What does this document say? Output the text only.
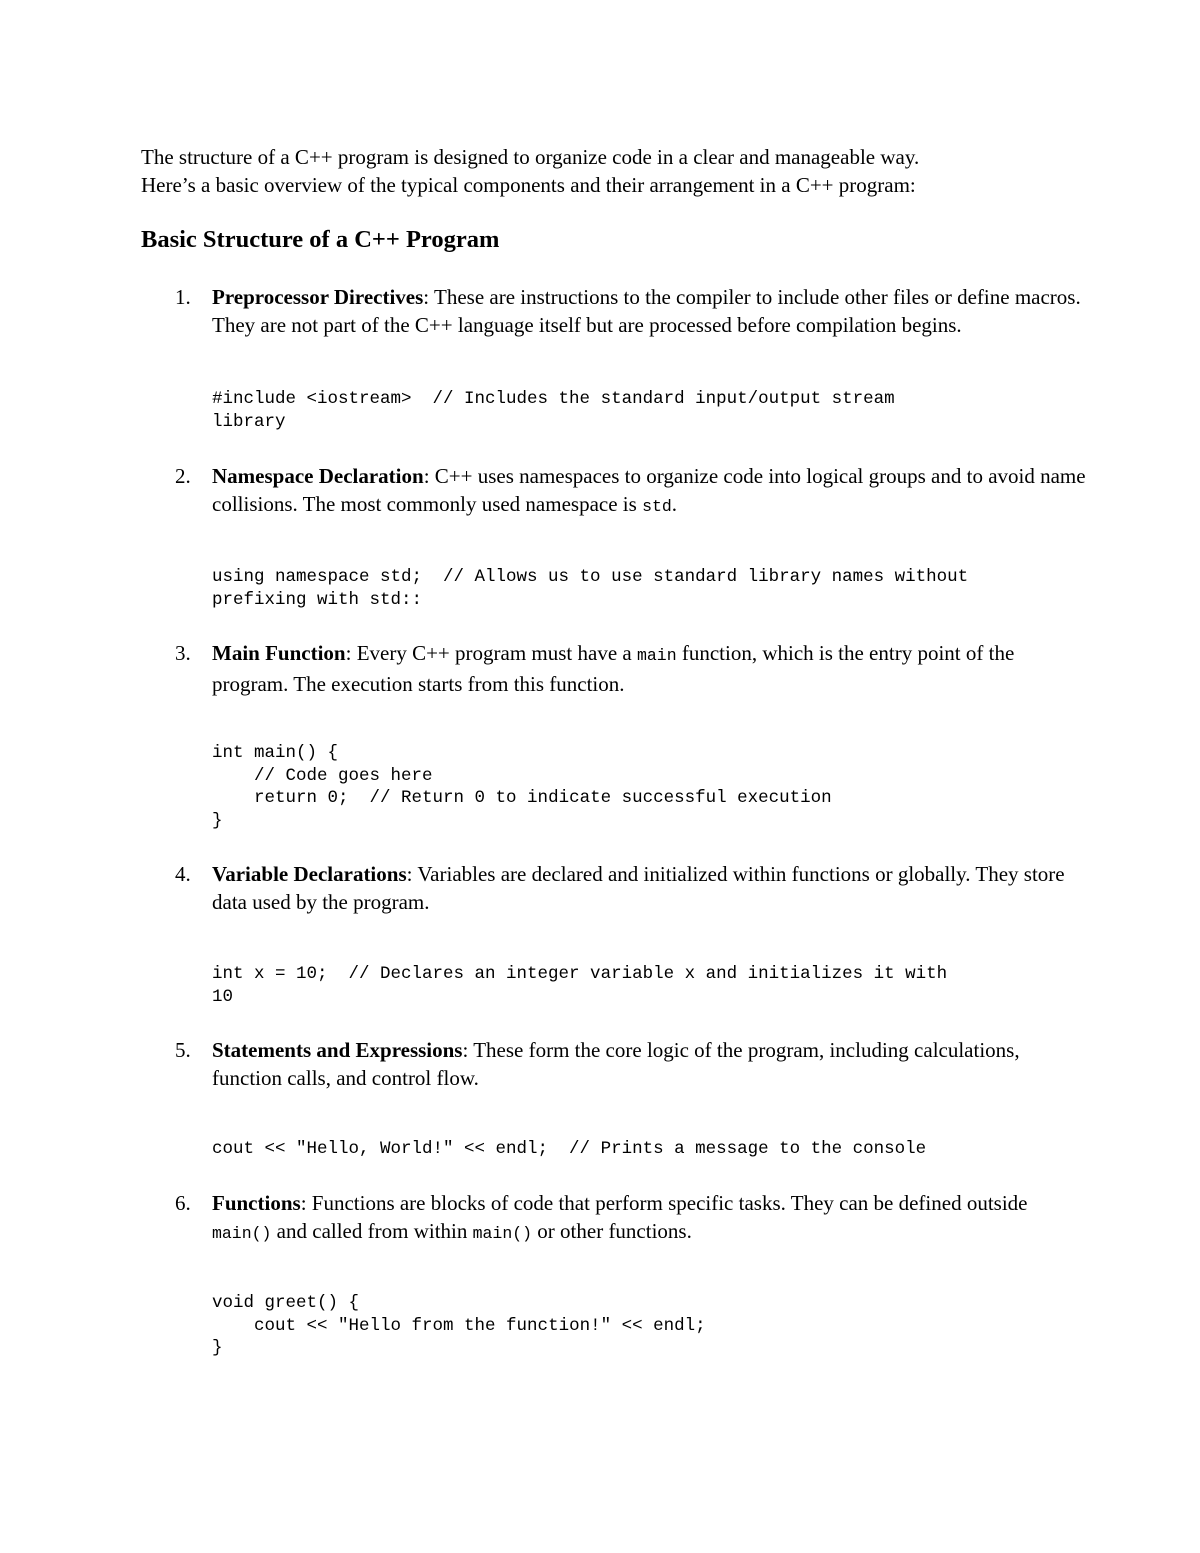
The structure of a C++ program is designed to organize code in a clear and manageable way.
Here’s a basic overview of the typical components and their arrangement in a C++ program:

Basic Structure of a C++ Program
1. Preprocessor Directives: These are instructions to the compiler to include other files or define macros. They are not part of the C++ language itself but are processed before compilation begins.

#include <iostream>  // Includes the standard input/output stream
library
2. Namespace Declaration: C++ uses namespaces to organize code into logical groups and to avoid name collisions. The most commonly used namespace is std.

using namespace std;  // Allows us to use standard library names without
prefixing with std::
3. Main Function: Every C++ program must have a main function, which is the entry point of the program. The execution starts from this function.

int main() {
// Code goes here
return 0;  // Return 0 to indicate successful execution
}
4. Variable Declarations: Variables are declared and initialized within functions or globally. They store data used by the program.

int x = 10;  // Declares an integer variable x and initializes it with
10
5. Statements and Expressions: These form the core logic of the program, including calculations, function calls, and control flow.

cout << "Hello, World!" << endl;  // Prints a message to the console
6. Functions: Functions are blocks of code that perform specific tasks. They can be defined outside main() and called from within main() or other functions.

void greet() {
cout << "Hello from the function!" << endl;
}
